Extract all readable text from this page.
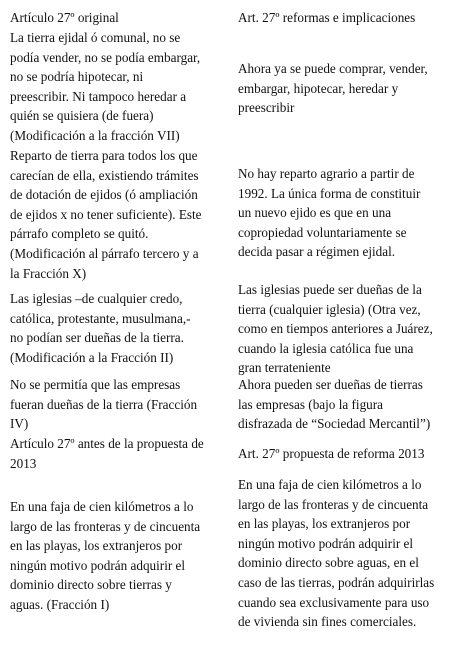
Artículo 27º original
La tierra ejidal ó comunal, no se
podía vender, no se podía embargar,
no se podría hipotecar, ni
preescribir. Ni tampoco heredar a
quién se quisiera (de fuera)
(Modificación a la fracción VII)
Reparto de tierra para todos los que
carecían de ella, existiendo trámites
de dotación de ejidos (ó ampliación
de ejidos x no tener suficiente). Este
párrafo completo se quitó.
(Modificación al párrafo tercero y a
la Fracción X)
Las iglesias –de cualquier credo,
católica, protestante, musulmana,-
no podían ser dueñas de la tierra.
(Modificación a la Fracción II)
No se permitía que las empresas
fueran dueñas de la tierra (Fracción
IV)
Artículo 27º antes de la propuesta de
2013
En una faja de cien kilómetros a lo
largo de las fronteras y de cincuenta
en las playas, los extranjeros por
ningún motivo podrán adquirir el
dominio directo sobre tierras y
aguas. (Fracción I)
Art. 27º reformas e implicaciones
Ahora ya se puede comprar, vender,
embargar, hipotecar, heredar y
preescribir
No hay reparto agrario a partir de
1992. La única forma de constituir
un nuevo ejido es que en una
copropiedad voluntariamente se
decida pasar a régimen ejidal.
Las iglesias puede ser dueñas de la
tierra (cualquier iglesia) (Otra vez,
como en tiempos anteriores a Juárez,
cuando la iglesia católica fue una
gran terrateniente
Ahora pueden ser dueñas de tierras
las empresas (bajo la figura
disfrazada de “Sociedad Mercantil”)
Art. 27º propuesta de reforma 2013
En una faja de cien kilómetros a lo
largo de las fronteras y de cincuenta
en las playas, los extranjeros por
ningún motivo podrán adquirir el
dominio directo sobre aguas, en el
caso de las tierras, podrán adquirirlas
cuando sea exclusivamente para uso
de vivienda sin fines comerciales.
